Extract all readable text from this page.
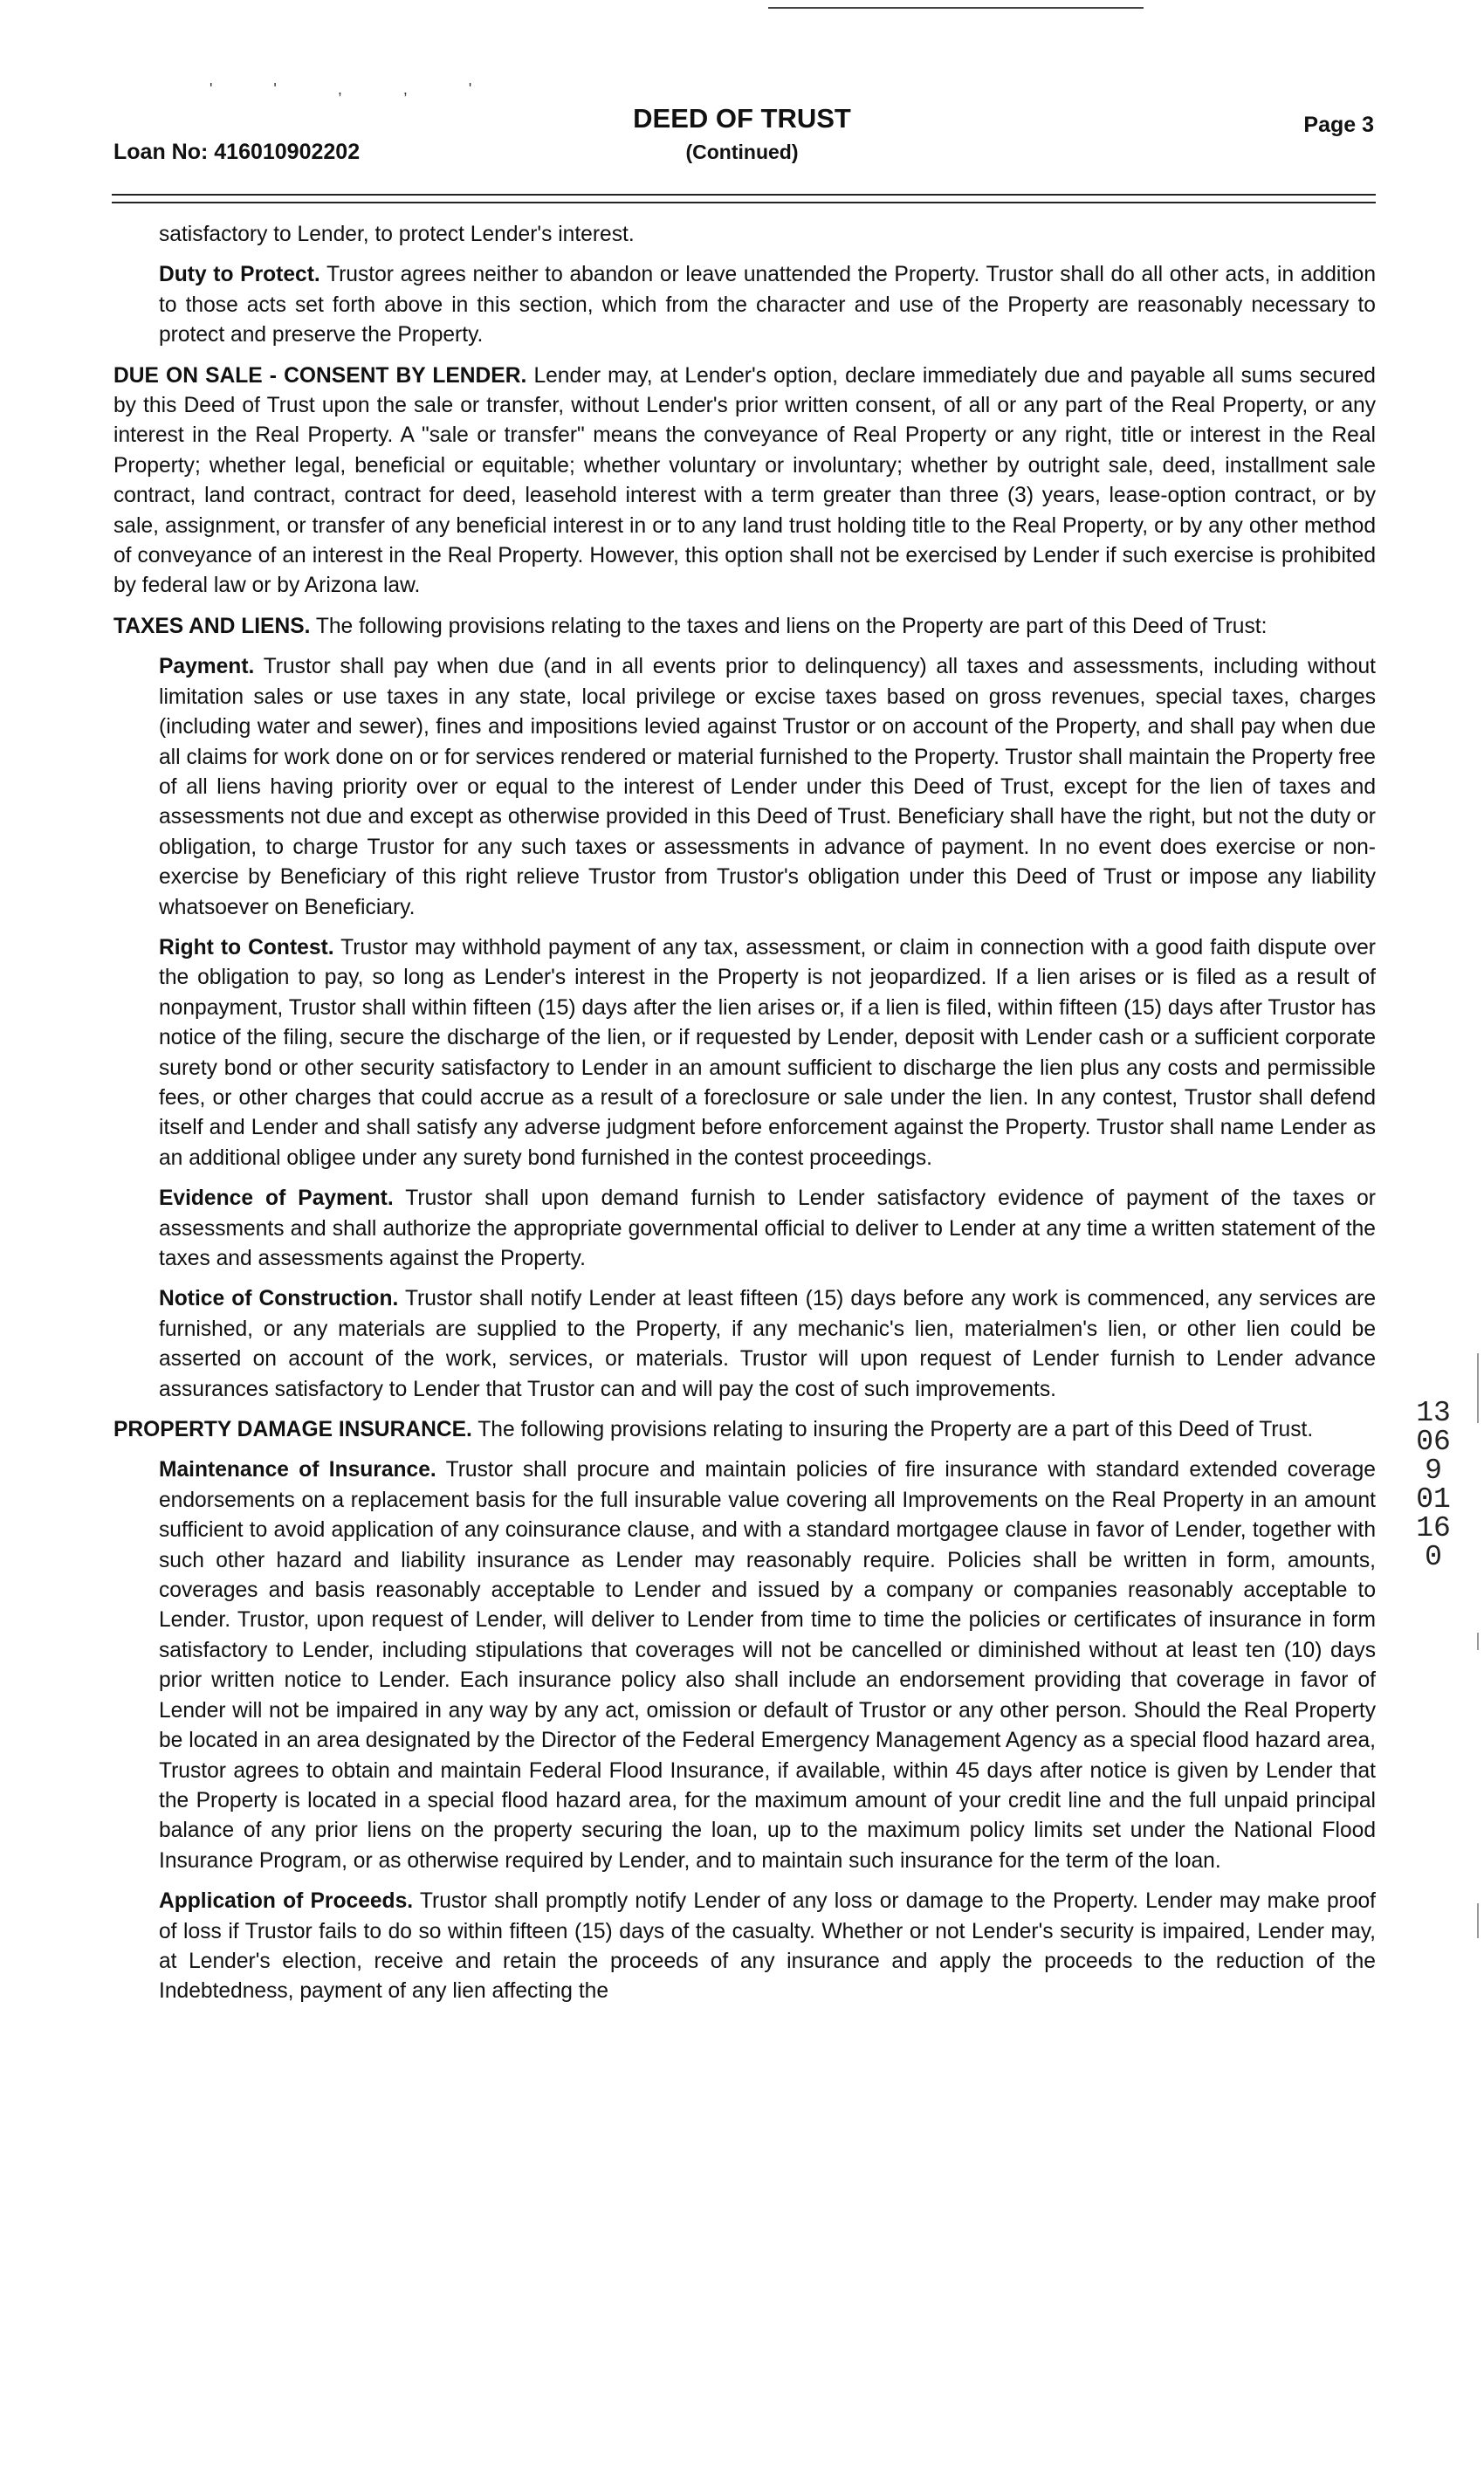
'',,'
DEED OF TRUST
(Continued)
Loan No: 416010902202
Page 3

satisfactory to Lender, to protect Lender's interest.

Duty to Protect. Trustor agrees neither to abandon or leave unattended the Property. Trustor shall do all other acts, in addition to those acts set forth above in this section, which from the character and use of the Property are reasonably necessary to protect and preserve the Property.

DUE ON SALE - CONSENT BY LENDER. Lender may, at Lender's option, declare immediately due and payable all sums secured by this Deed of Trust upon the sale or transfer, without Lender's prior written consent, of all or any part of the Real Property, or any interest in the Real Property. A "sale or transfer" means the conveyance of Real Property or any right, title or interest in the Real Property; whether legal, beneficial or equitable; whether voluntary or involuntary; whether by outright sale, deed, installment sale contract, land contract, contract for deed, leasehold interest with a term greater than three (3) years, lease-option contract, or by sale, assignment, or transfer of any beneficial interest in or to any land trust holding title to the Real Property, or by any other method of conveyance of an interest in the Real Property. However, this option shall not be exercised by Lender if such exercise is prohibited by federal law or by Arizona law.

TAXES AND LIENS. The following provisions relating to the taxes and liens on the Property are part of this Deed of Trust:

Payment. Trustor shall pay when due (and in all events prior to delinquency) all taxes and assessments, including without limitation sales or use taxes in any state, local privilege or excise taxes based on gross revenues, special taxes, charges (including water and sewer), fines and impositions levied against Trustor or on account of the Property, and shall pay when due all claims for work done on or for services rendered or material furnished to the Property. Trustor shall maintain the Property free of all liens having priority over or equal to the interest of Lender under this Deed of Trust, except for the lien of taxes and assessments not due and except as otherwise provided in this Deed of Trust. Beneficiary shall have the right, but not the duty or obligation, to charge Trustor for any such taxes or assessments in advance of payment. In no event does exercise or non-exercise by Beneficiary of this right relieve Trustor from Trustor's obligation under this Deed of Trust or impose any liability whatsoever on Beneficiary.

Right to Contest. Trustor may withhold payment of any tax, assessment, or claim in connection with a good faith dispute over the obligation to pay, so long as Lender's interest in the Property is not jeopardized. If a lien arises or is filed as a result of nonpayment, Trustor shall within fifteen (15) days after the lien arises or, if a lien is filed, within fifteen (15) days after Trustor has notice of the filing, secure the discharge of the lien, or if requested by Lender, deposit with Lender cash or a sufficient corporate surety bond or other security satisfactory to Lender in an amount sufficient to discharge the lien plus any costs and permissible fees, or other charges that could accrue as a result of a foreclosure or sale under the lien. In any contest, Trustor shall defend itself and Lender and shall satisfy any adverse judgment before enforcement against the Property. Trustor shall name Lender as an additional obligee under any surety bond furnished in the contest proceedings.

Evidence of Payment. Trustor shall upon demand furnish to Lender satisfactory evidence of payment of the taxes or assessments and shall authorize the appropriate governmental official to deliver to Lender at any time a written statement of the taxes and assessments against the Property.

Notice of Construction. Trustor shall notify Lender at least fifteen (15) days before any work is commenced, any services are furnished, or any materials are supplied to the Property, if any mechanic's lien, materialmen's lien, or other lien could be asserted on account of the work, services, or materials. Trustor will upon request of Lender furnish to Lender advance assurances satisfactory to Lender that Trustor can and will pay the cost of such improvements.

PROPERTY DAMAGE INSURANCE. The following provisions relating to insuring the Property are a part of this Deed of Trust.

Maintenance of Insurance. Trustor shall procure and maintain policies of fire insurance with standard extended coverage endorsements on a replacement basis for the full insurable value covering all Improvements on the Real Property in an amount sufficient to avoid application of any coinsurance clause, and with a standard mortgagee clause in favor of Lender, together with such other hazard and liability insurance as Lender may reasonably require. Policies shall be written in form, amounts, coverages and basis reasonably acceptable to Lender and issued by a company or companies reasonably acceptable to Lender. Trustor, upon request of Lender, will deliver to Lender from time to time the policies or certificates of insurance in form satisfactory to Lender, including stipulations that coverages will not be cancelled or diminished without at least ten (10) days prior written notice to Lender. Each insurance policy also shall include an endorsement providing that coverage in favor of Lender will not be impaired in any way by any act, omission or default of Trustor or any other person. Should the Real Property be located in an area designated by the Director of the Federal Emergency Management Agency as a special flood hazard area, Trustor agrees to obtain and maintain Federal Flood Insurance, if available, within 45 days after notice is given by Lender that the Property is located in a special flood hazard area, for the maximum amount of your credit line and the full unpaid principal balance of any prior liens on the property securing the loan, up to the maximum policy limits set under the National Flood Insurance Program, or as otherwise required by Lender, and to maintain such insurance for the term of the loan.

Application of Proceeds. Trustor shall promptly notify Lender of any loss or damage to the Property. Lender may make proof of loss if Trustor fails to do so within fifteen (15) days of the casualty. Whether or not Lender's security is impaired, Lender may, at Lender's election, receive and retain the proceeds of any insurance and apply the proceeds to the reduction of the Indebtedness, payment of any lien affecting the

13069 01160
